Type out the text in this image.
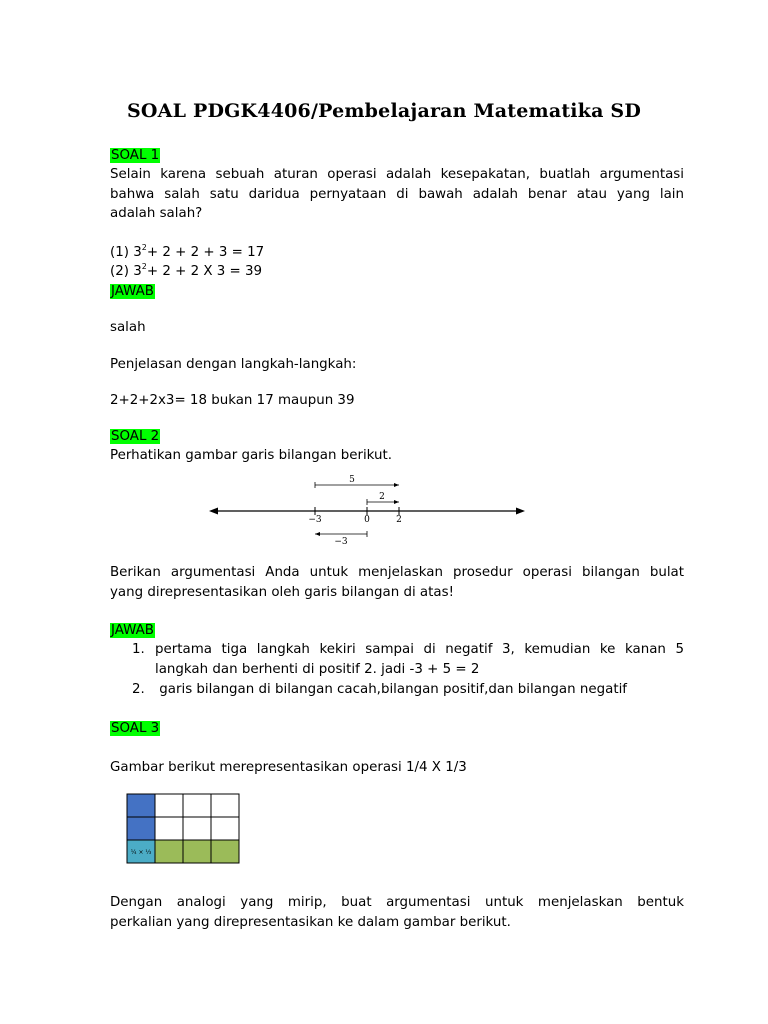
SOAL PDGK4406/Pembelajaran Matematika SD
SOAL 1
Selain karena sebuah aturan operasi adalah kesepakatan, buatlah argumentasi
bahwa salah satu daridua pernyataan di bawah adalah benar atau yang lain
adalah salah?
(1) $3^2+ 2 + 2 + 3 = 17$
(2) $3^2+ 2 + 2$ X 3 = 39
JAWAB
salah
Penjelasan dengan langkah-langkah:
2+2+2x3= 18 bukan 17 maupun 39
SOAL 2
Perhatikan gambar garis bilangan berikut.
−3	0	2
5
2
−3
Berikan argumentasi Anda untuk menjelaskan prosedur operasi bilangan bulat
yang direpresentasikan oleh garis bilangan di atas!
JAWAB
1. pertama tiga langkah kekiri sampai di negatif 3, kemudian ke kanan 5
langkah dan berhenti di positif 2. jadi -3 + 5 = 2
2. garis bilangan di bilangan cacah,bilangan positif,dan bilangan negatif
SOAL 3
Gambar berikut merepresentasikan operasi 1/4 X 1/3
¼ × ⅓
Dengan analogi yang mirip, buat argumentasi untuk menjelaskan bentuk
perkalian yang direpresentasikan ke dalam gambar berikut.
